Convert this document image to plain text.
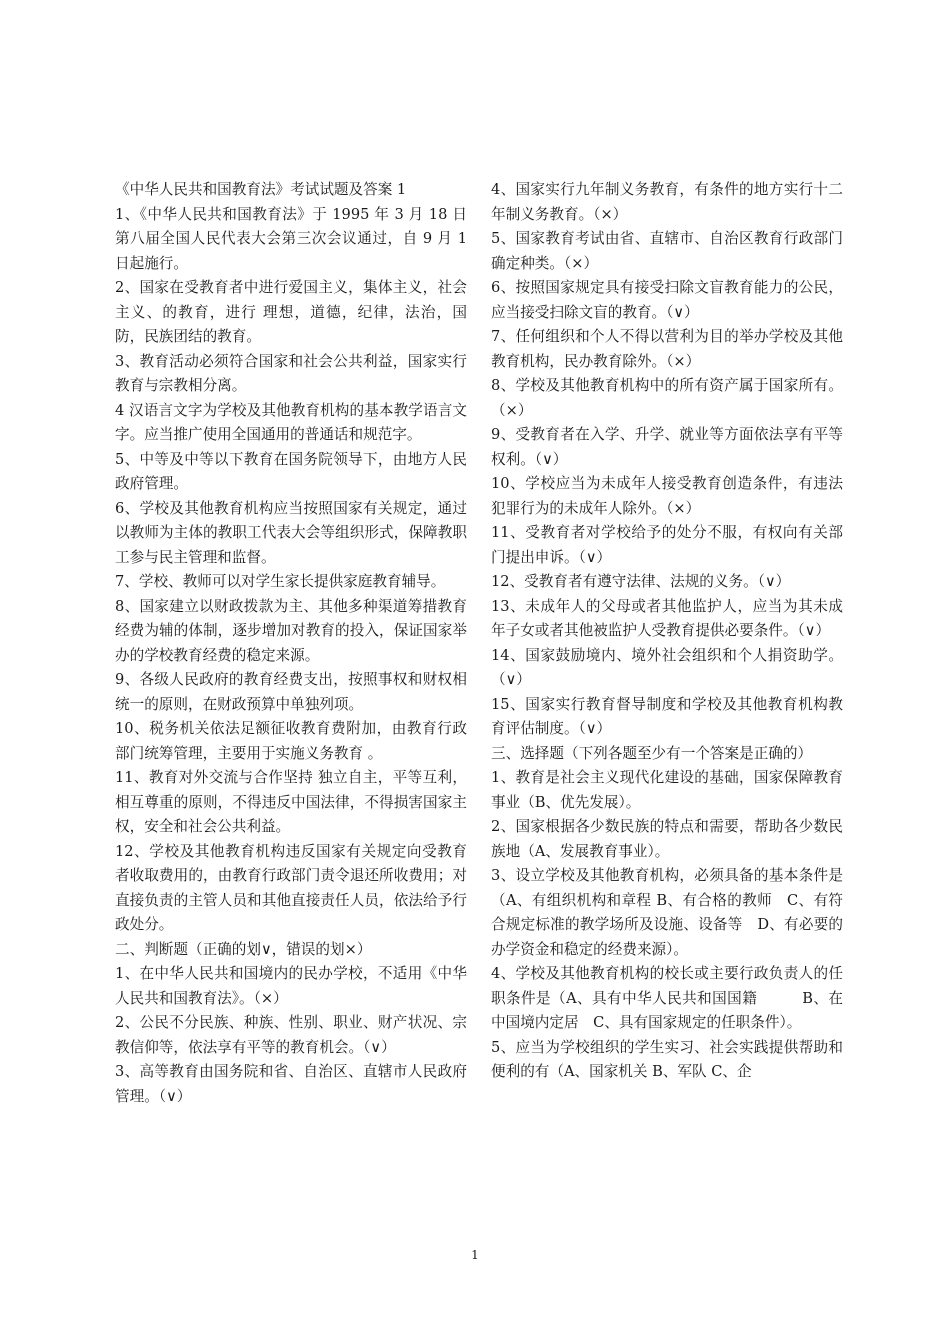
《中华人民共和国教育法》考试试题及答案 1

1、《中华人民共和国教育法》于 1995 年 3 月 18 日第八届全国人民代表大会第三次会议通过，自 9 月 1 日起施行。

2、国家在受教育者中进行爱国主义，集体主义，社会主义、的教育，进行 理想，道德，纪律，法治，国防，民族团结的教育。

3、教育活动必须符合国家和社会公共利益，国家实行教育与宗教相分离。

4 汉语言文字为学校及其他教育机构的基本教学语言文字。应当推广使用全国通用的普通话和规范字。

5、中等及中等以下教育在国务院领导下，由地方人民政府管理。

6、学校及其他教育机构应当按照国家有关规定，通过以教师为主体的教职工代表大会等组织形式，保障教职工参与民主管理和监督。

7、学校、教师可以对学生家长提供家庭教育辅导。

8、国家建立以财政拨款为主、其他多种渠道筹措教育经费为辅的体制，逐步增加对教育的投入，保证国家举办的学校教育经费的稳定来源。

9、各级人民政府的教育经费支出，按照事权和财权相统一的原则，在财政预算中单独列项。

10、税务机关依法足额征收教育费附加，由教育行政部门统筹管理，主要用于实施义务教育 。

11、教育对外交流与合作坚持 独立自主，平等互利，相互尊重的原则，不得违反中国法律，不得损害国家主权，安全和社会公共利益。

12、学校及其他教育机构违反国家有关规定向受教育者收取费用的，由教育行政部门责令退还所收费用；对直接负责的主管人员和其他直接责任人员，依法给予行政处分。

二、判断题（正确的划∨，错误的划×）

1、在中华人民共和国境内的民办学校，不适用《中华人民共和国教育法》。（×）

2、公民不分民族、种族、性别、职业、财产状况、宗教信仰等，依法享有平等的教育机会。（∨）

3、高等教育由国务院和省、自治区、直辖市人民政府管理。（∨）

4、国家实行九年制义务教育，有条件的地方实行十二年制义务教育。（×）

5、国家教育考试由省、直辖市、自治区教育行政部门确定种类。（×）

6、按照国家规定具有接受扫除文盲教育能力的公民，应当接受扫除文盲的教育。（∨）

7、任何组织和个人不得以营利为目的举办学校及其他教育机构，民办教育除外。（×）

8、学校及其他教育机构中的所有资产属于国家所有。（×）

9、受教育者在入学、升学、就业等方面依法享有平等权利。（∨）

10、学校应当为未成年人接受教育创造条件，有违法犯罪行为的未成年人除外。（×）

11、受教育者对学校给予的处分不服，有权向有关部门提出申诉。（∨）

12、受教育者有遵守法律、法规的义务。（∨）

13、未成年人的父母或者其他监护人，应当为其未成年子女或者其他被监护人受教育提供必要条件。（∨）

14、国家鼓励境内、境外社会组织和个人捐资助学。（∨）

15、国家实行教育督导制度和学校及其他教育机构教育评估制度。（∨）

三、选择题（下列各题至少有一个答案是正确的）

1、教育是社会主义现代化建设的基础，国家保障教育事业（B、优先发展）。

2、国家根据各少数民族的特点和需要，帮助各少数民族地（A、发展教育事业）。

3、设立学校及其他教育机构，必须具备的基本条件是（A、有组织机构和章程 B、有合格的教师　C、有符合规定标准的教学场所及设施、设备等　D、有必要的办学资金和稳定的经费来源）。

4、学校及其他教育机构的校长或主要行政负责人的任职条件是（A、具有中华人民共和国国籍　　　B、在中国境内定居　C、具有国家规定的任职条件）。

5、应当为学校组织的学生实习、社会实践提供帮助和便利的有（A、国家机关 B、军队 C、企

1
